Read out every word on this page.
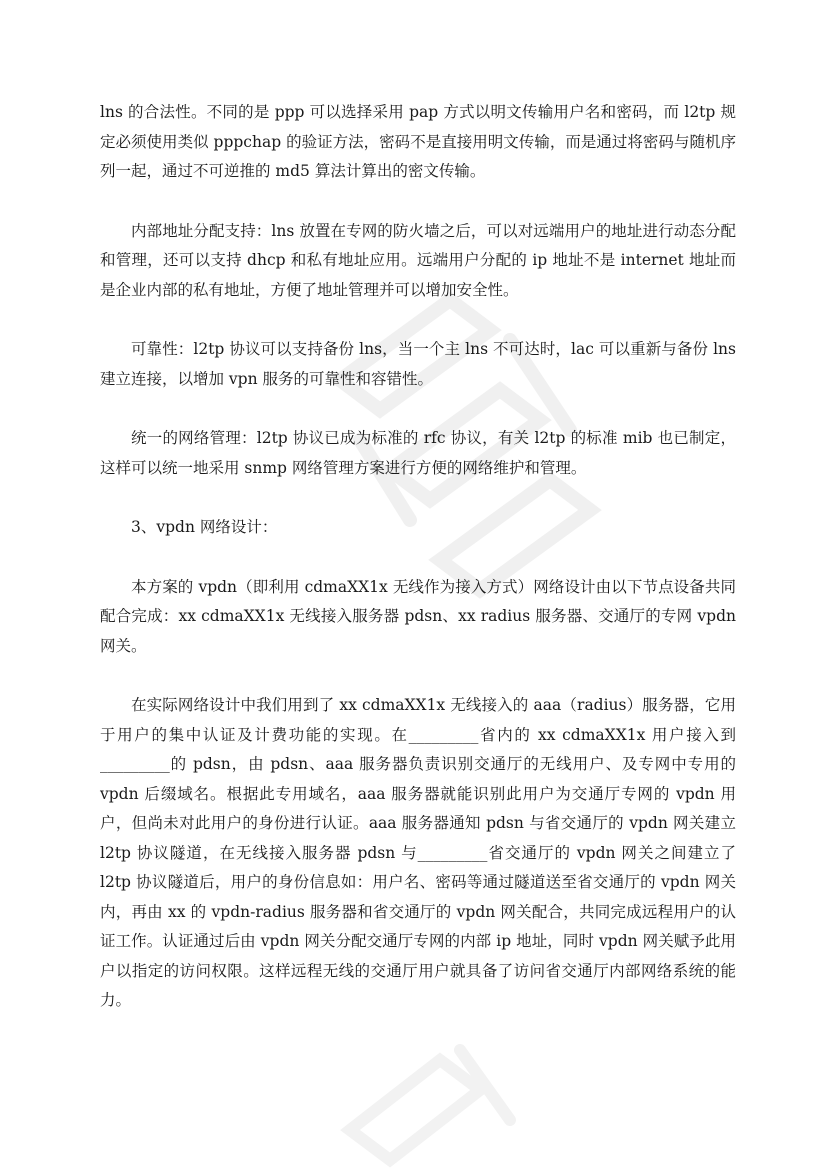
lns 的合法性。不同的是 ppp 可以选择采用 pap 方式以明文传输用户名和密码，而 l2tp 规定必须使用类似 pppchap 的验证方法，密码不是直接用明文传输，而是通过将密码与随机序列一起，通过不可逆推的 md5 算法计算出的密文传输。

内部地址分配支持：lns 放置在专网的防火墙之后，可以对远端用户的地址进行动态分配和管理，还可以支持 dhcp 和私有地址应用。远端用户分配的 ip 地址不是 internet 地址而是企业内部的私有地址，方便了地址管理并可以增加安全性。

可靠性：l2tp 协议可以支持备份 lns，当一个主 lns 不可达时，lac 可以重新与备份 lns 建立连接，以增加 vpn 服务的可靠性和容错性。

统一的网络管理：l2tp 协议已成为标准的 rfc 协议，有关 l2tp 的标准 mib 也已制定，这样可以统一地采用 snmp 网络管理方案进行方便的网络维护和管理。

3、vpdn 网络设计：

本方案的 vpdn（即利用 cdmaXX1x 无线作为接入方式）网络设计由以下节点设备共同配合完成：xx cdmaXX1x 无线接入服务器 pdsn、xx radius 服务器、交通厅的专网 vpdn 网关。

在实际网络设计中我们用到了 xx cdmaXX1x 无线接入的 aaa（radius）服务器，它用于用户的集中认证及计费功能的实现。在_________省内的 xx cdmaXX1x 用户接入到_________的 pdsn，由 pdsn、aaa 服务器负责识别交通厅的无线用户、及专网中专用的 vpdn 后缀域名。根据此专用域名，aaa 服务器就能识别此用户为交通厅专网的 vpdn 用户，但尚未对此用户的身份进行认证。aaa 服务器通知 pdsn 与省交通厅的 vpdn 网关建立 l2tp 协议隧道，在无线接入服务器 pdsn 与_________省交通厅的 vpdn 网关之间建立了 l2tp 协议隧道后，用户的身份信息如：用户名、密码等通过隧道送至省交通厅的 vpdn 网关内，再由 xx 的 vpdn-radius 服务器和省交通厅的 vpdn 网关配合，共同完成远程用户的认证工作。认证通过后由 vpdn 网关分配交通厅专网的内部 ip 地址，同时 vpdn 网关赋予此用户以指定的访问权限。这样远程无线的交通厅用户就具备了访问省交通厅内部网络系统的能力。
